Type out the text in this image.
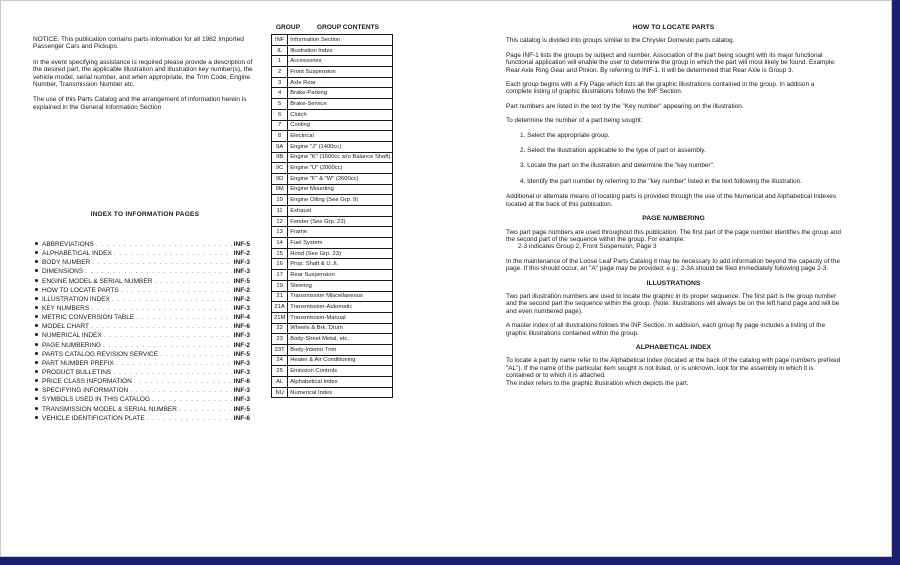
NOTICE: This publication contains parts information for all 1982 Imported Passenger Cars and Pickups.

In the event specifying assistance is required please provide a description of the desired part, the applicable illustration and illustration key number(s), the vehicle model, serial number, and when appropriate, the Trim Code, Engine Number, Transmission Number etc.

The use of this Parts Catalog and the arrangement of information herein is explained in the General Information Section

INDEX TO INFORMATION PAGES
ABBREVIATIONS . . .	INF-5
ALPHABETICAL INDEX . . .	INF-2
BODY NUMBER . . .	INF-3
DIMENSIONS . . .	INF-3
ENGINE MODEL & SERIAL NUMBER . . .	INF-5
HOW TO LOCATE PARTS . . .	INF-2
ILLUSTRATION INDEX . . .	INF-2
KEY NUMBERS . . .	INF-3
METRIC CONVERSION TABLE . . .	INF-4
MODEL CHART . . .	INF-6
NUMERICAL INDEX . . .	INF-3
PAGE NUMBERING . . .	INF-2
PARTS CATALOG REVISION SERVICE . . .	INF-5
PART NUMBER PREFIX . . .	INF-3
PRODUCT BULLETINS . . .	INF-3
PRICE CLASS INFORMATION . . .	INF-6
SPECIFYING INFORMATION . . .	INF-3
SYMBOLS USED IN THIS CATALOG . . .	INF-3
TRANSMISSION MODEL & SERIAL NUMBER . . .	INF-5
VEHICLE IDENTIFICATION PLATE . . .	INF-6
GROUP	GROUP CONTENTS
INF	Information Section
IL	Illustration Index
1	Accessories
2	Front Suspension
3	Axle Rear
4	Brake-Parking
5	Brake-Service
6	Clutch
7	Cooling
8	Electrical
9A	Engine "J" (1400cc)
9B	Engine "K" (1600cc w/o Balance Shaft)
9C	Engine "U" (2000cc)
9D	Engine "F" & "W" (2600cc)
9M	Engine Mounting
10	Engine Oiling (See Grp. 9)
11	Exhaust
12	Fender (See Grp. 23)
13	Frame
14	Fuel System
15	Hood (See Grp. 23)
16	Prop. Shaft & U Jt.
17	Rear Suspension
19	Steering
21	Transmission Miscellaneous
21A	Transmission-Automatic
21M	Transmission-Manual
22	Wheels & Brk. Drum
23	Body-Sheet Metal, etc.
23T	Body-Interior Trim
24	Heater & Air Conditioning
25	Emission Controls
AL	Alphabetical Index
NU	Numerical Index
HOW TO LOCATE PARTS

This catalog is divided into groups similar to the Chrysler Domestic parts catalog.

Page INF-1 lists the groups by subject and number. Association of the part being sought with its major functional functional application will enable the user to determine the group in which the part will most likely be found. Example: Rear Axle Ring Gear and Pinion. By referring to INF-1. It will be determined that Rear Axle is Group 3.

Each group begins with a Fly Page which lists all the graphic illustrations contained in the group. In addison a complete listing of graphic illustrations follows the INF Section.

Part numbers are listed in the text by the "Key number" appearing on the illustration.

To determine the number of a part being sought:

1. Select the appropriate group.
2. Select the illustration applicable to the type of part or assembly.
3. Locate the part on the illustration and determine the "key number".
4. Identify the part number by referring to the "key number" listed in the text following the illustration.

Additional or alternate means of locating parts is provided through the use of the Numerical and Alphabetical Indexes located at the back of this publication.

PAGE NUMBERING

Two part page numbers are used throughout this publication. The first part of the page number identifies the group and the second part of the sequence within the group. For example:
2-3 indicates Group 2, Front Suspension, Page 3

In the maintenance of the Loose Leaf Parts Catalog it may be necessary to add information beyond the capacity of the page. If this should occur, an "A" page may be provided; e.g.: 2-3A should be filed immediately following page 2-3.

ILLUSTRATIONS

Two part illustration numbers are used to locate the graphic in its proper sequence. The first part is the group number and the second part the sequence within the group. (Note: Illustrations will always be on the left hand page and will be and even numbered page).

A master index of all illustrations follows the INF Section. In addision, each group fly page includes a listing of the graphic illustrations contained within the group.

ALPHABETICAL INDEX

To locate a part by name refer to the Alphabetical Index (located at the back of the catalog with page numbers prefixed "AL"). If the name of the particular item sought is not listed, or is unknown, look for the assembly in which it is contained or to which it is attached.
The index refers to the graphic illustration which depicts the part.
